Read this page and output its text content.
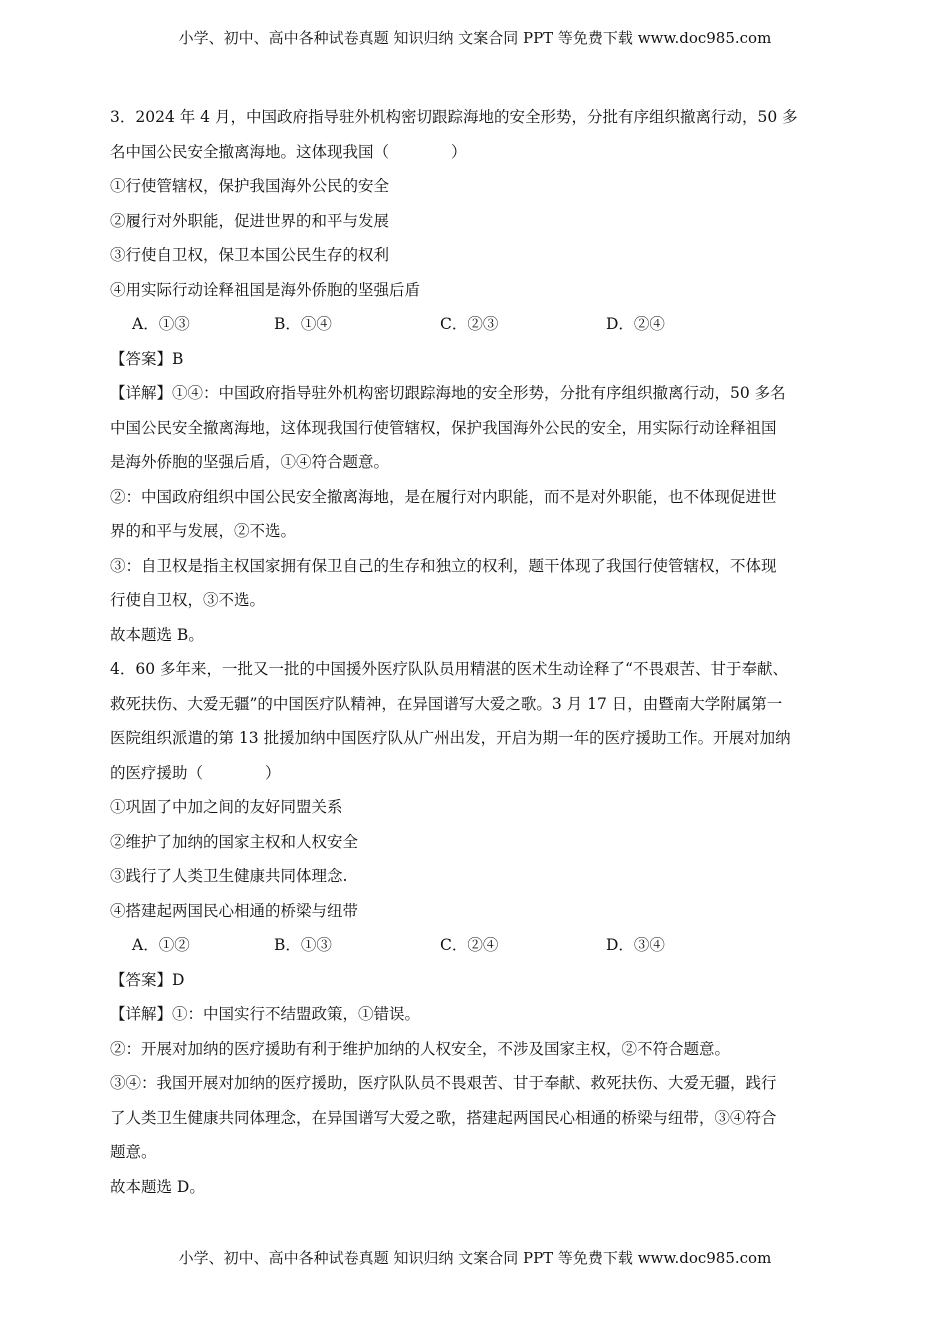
小学、初中、高中各种试卷真题 知识归纳 文案合同 PPT 等免费下载 www.doc985.com

3．2024 年 4 月，中国政府指导驻外机构密切跟踪海地的安全形势，分批有序组织撤离行动，50 多

名中国公民安全撤离海地。这体现我国（　　　　）

①行使管辖权，保护我国海外公民的安全

②履行对外职能，促进世界的和平与发展

③行使自卫权，保卫本国公民生存的权利

④用实际行动诠释祖国是海外侨胞的坚强后盾

A．①③	B．①④	C．②③	D．②④

【答案】B

【详解】①④：中国政府指导驻外机构密切跟踪海地的安全形势，分批有序组织撤离行动，50 多名

中国公民安全撤离海地，这体现我国行使管辖权，保护我国海外公民的安全，用实际行动诠释祖国

是海外侨胞的坚强后盾，①④符合题意。

②：中国政府组织中国公民安全撤离海地，是在履行对内职能，而不是对外职能，也不体现促进世

界的和平与发展，②不选。

③：自卫权是指主权国家拥有保卫自己的生存和独立的权利，题干体现了我国行使管辖权，不体现

行使自卫权，③不选。

故本题选 B。

4．60 多年来，一批又一批的中国援外医疗队队员用精湛的医术生动诠释了“不畏艰苦、甘于奉献、

救死扶伤、大爱无疆”的中国医疗队精神，在异国谱写大爱之歌。3 月 17 日，由暨南大学附属第一

医院组织派遣的第 13 批援加纳中国医疗队从广州出发，开启为期一年的医疗援助工作。开展对加纳

的医疗援助（　　　　）

①巩固了中加之间的友好同盟关系

②维护了加纳的国家主权和人权安全

③践行了人类卫生健康共同体理念.

④搭建起两国民心相通的桥梁与纽带

A．①②	B．①③	C．②④	D．③④

【答案】D

【详解】①：中国实行不结盟政策，①错误。

②：开展对加纳的医疗援助有利于维护加纳的人权安全，不涉及国家主权，②不符合题意。

③④：我国开展对加纳的医疗援助，医疗队队员不畏艰苦、甘于奉献、救死扶伤、大爱无疆，践行

了人类卫生健康共同体理念，在异国谱写大爱之歌，搭建起两国民心相通的桥梁与纽带，③④符合

题意。

故本题选 D。

小学、初中、高中各种试卷真题 知识归纳 文案合同 PPT 等免费下载 www.doc985.com
